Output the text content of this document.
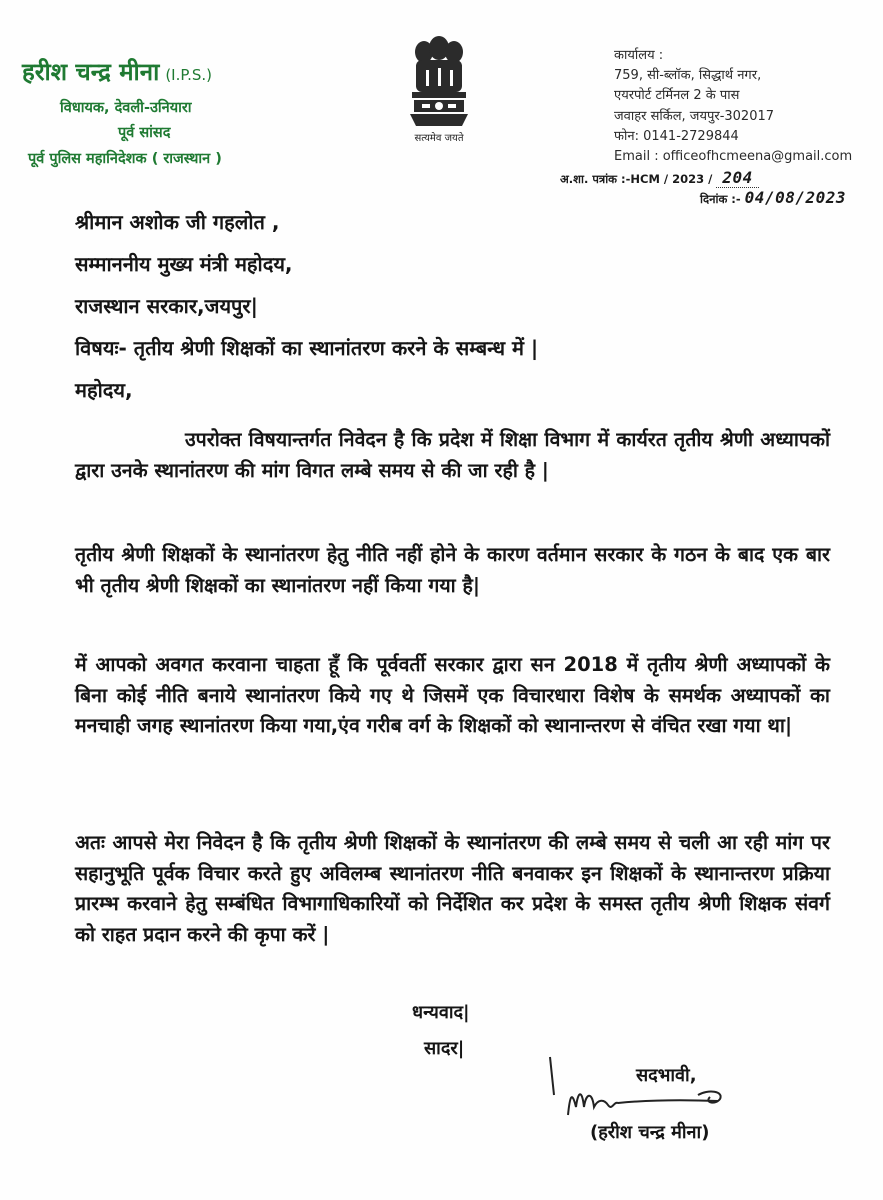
हरीश चन्द्र मीना (I.P.S.)
विधायक, देवली-उनियारा
पूर्व सांसद
पूर्व पुलिस महानिदेशक ( राजस्थान )
सत्यमेव जयते
कार्यालय :
759, सी-ब्लॉक, सिद्धार्थ नगर,
एयरपोर्ट टर्मिनल 2 के पास
जवाहर सर्किल, जयपुर-302017
फोन: 0141-2729844
Email : officeofhcmeena@gmail.com
अ.शा. पत्रांक :-HCM / 2023 / 204
दिनांक :- 04/08/2023
श्रीमान अशोक जी गहलोत ,
सम्माननीय मुख्य मंत्री महोदय,
राजस्थान सरकार,जयपुर|
विषयः- तृतीय श्रेणी शिक्षकों का स्थानांतरण करने के सम्बन्ध में |
महोदय,
उपरोक्त विषयान्तर्गत निवेदन है कि प्रदेश में शिक्षा विभाग में कार्यरत तृतीय श्रेणी अध्यापकों द्वारा उनके स्थानांतरण की मांग विगत लम्बे समय से की जा रही है |
तृतीय श्रेणी शिक्षकों के स्थानांतरण हेतु नीति नहीं होने के कारण वर्तमान सरकार के गठन के बाद एक बार भी तृतीय श्रेणी शिक्षकों का स्थानांतरण नहीं किया गया है|
में आपको अवगत करवाना चाहता हूँ कि पूर्ववर्ती सरकार द्वारा सन 2018 में तृतीय श्रेणी अध्यापकों के बिना कोई नीति बनाये स्थानांतरण किये गए थे जिसमें एक विचारधारा विशेष के समर्थक अध्यापकों का मनचाही जगह स्थानांतरण किया गया,एंव गरीब वर्ग के शिक्षकों को स्थानान्तरण से वंचित रखा गया था|
अतः आपसे मेरा निवेदन है कि तृतीय श्रेणी शिक्षकों के स्थानांतरण की लम्बे समय से चली आ रही मांग पर सहानुभूति पूर्वक विचार करते हुए अविलम्ब स्थानांतरण नीति बनवाकर इन शिक्षकों के स्थानान्तरण प्रक्रिया प्रारम्भ करवाने हेतु सम्बंधित विभागाधिकारियों को निर्देशित कर प्रदेश के समस्त तृतीय श्रेणी शिक्षक संवर्ग को राहत प्रदान करने की कृपा करें |
धन्यवाद|
सादर|
सदभावी,
(हरीश चन्द्र मीना)
